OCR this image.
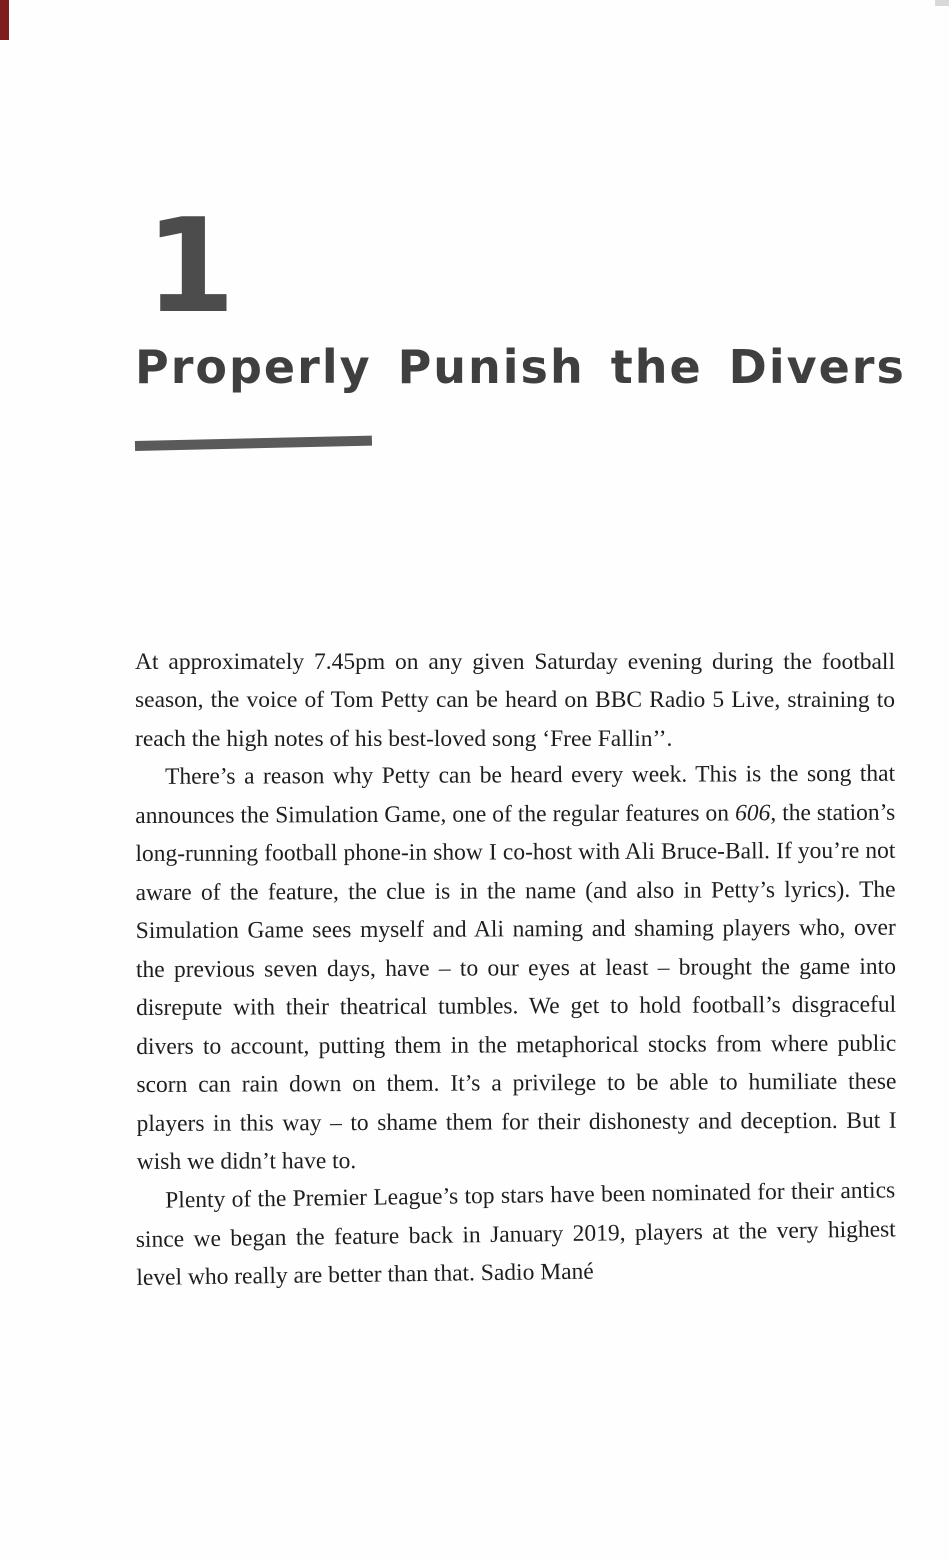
1
Properly Punish the Divers

At approximately 7.45pm on any given Saturday evening during the football season, the voice of Tom Petty can be heard on BBC Radio 5 Live, straining to reach the high notes of his best-loved song ‘Free Fallin’’.

There’s a reason why Petty can be heard every week. This is the song that announces the Simulation Game, one of the regular features on 606, the station’s long-running football phone-in show I co-host with Ali Bruce-Ball. If you’re not aware of the feature, the clue is in the name (and also in Petty’s lyrics). The Simulation Game sees myself and Ali naming and shaming players who, over the previous seven days, have – to our eyes at least – brought the game into disrepute with their theatrical tumbles. We get to hold football’s disgraceful divers to account, putting them in the metaphorical stocks from where public scorn can rain down on them. It’s a privilege to be able to humiliate these players in this way – to shame them for their dishonesty and deception. But I wish we didn’t have to.

Plenty of the Premier League’s top stars have been nominated for their antics since we began the feature back in January 2019, players at the very highest level who really are better than that. Sadio Mané
